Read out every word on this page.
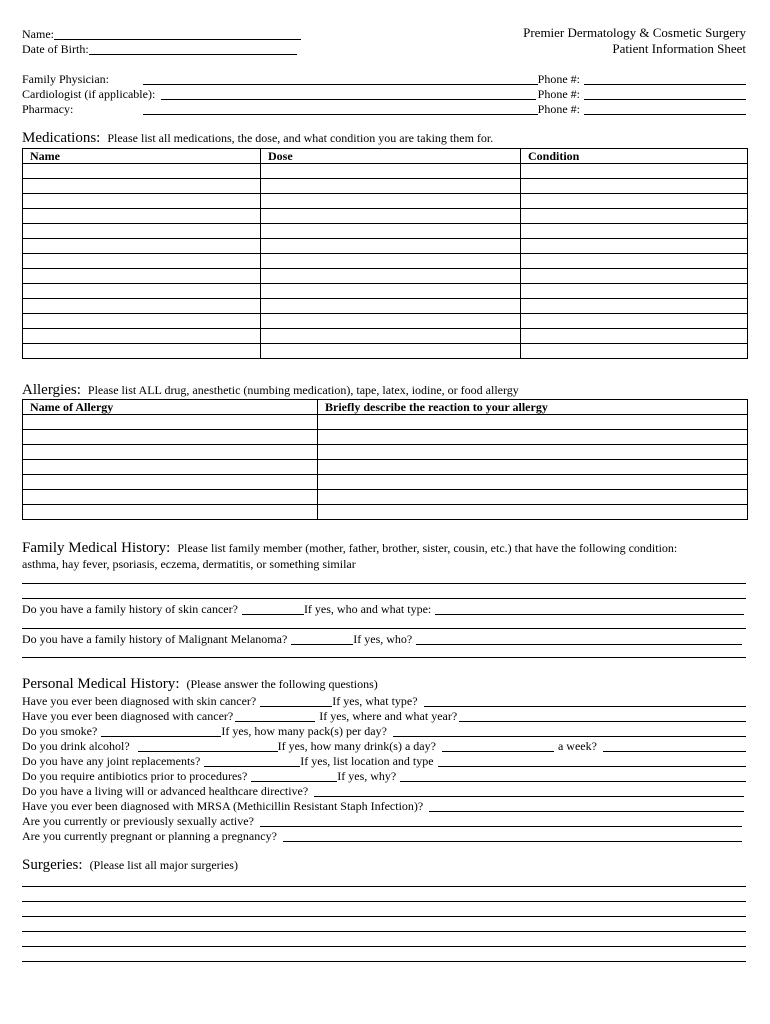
Name:
Date of Birth:
Premier Dermatology & Cosmetic Surgery
Patient Information Sheet
Family Physician:	Phone #:
Cardiologist (if applicable):	Phone #:
Pharmacy:	Phone #:
Medications: Please list all medications, the dose, and what condition you are taking them for.
Name	Dose	Condition

Allergies: Please list ALL drug, anesthetic (numbing medication), tape, latex, iodine, or food allergy
Name of Allergy	Briefly describe the reaction to your allergy

Family Medical History: Please list family member (mother, father, brother, sister, cousin, etc.) that have the following condition:
asthma, hay fever, psoriasis, eczema, dermatitis, or something similar
Do you have a family history of skin cancer?	If yes, who and what type:
Do you have a family history of Malignant Melanoma?	If yes, who?
Personal Medical History: (Please answer the following questions)
Have you ever been diagnosed with skin cancer?	If yes, what type?
Have you ever been diagnosed with cancer?	If yes, where and what year?
Do you smoke?	If yes, how many pack(s) per day?
Do you drink alcohol?	If yes, how many drink(s) a day?	a week?
Do you have any joint replacements?	If yes, list location and type
Do you require antibiotics prior to procedures?	If yes, why?
Do you have a living will or advanced healthcare directive?
Have you ever been diagnosed with MRSA (Methicillin Resistant Staph Infection)?
Are you currently or previously sexually active?
Are you currently pregnant or planning a pregnancy?
Surgeries: (Please list all major surgeries)
